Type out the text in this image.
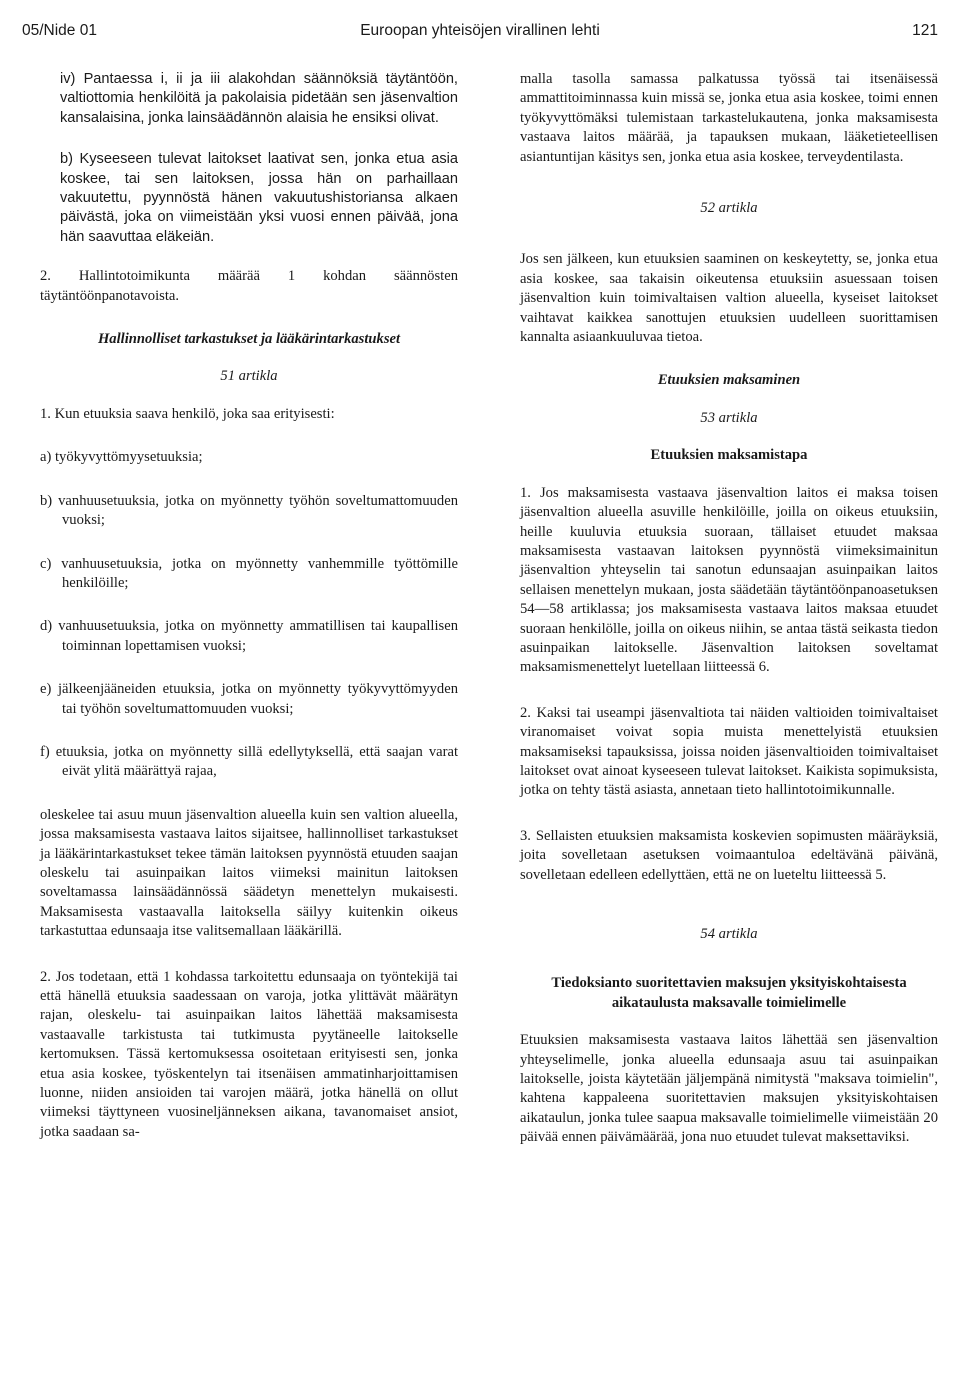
05/Nide 01	Euroopan yhteisöjen virallinen lehti	121

iv) Pantaessa i, ii ja iii alakohdan säännöksiä täytäntöön, valtiottomia henkilöitä ja pakolaisia pidetään sen jäsenvaltion kansalaisina, jonka lainsäädännön alaisia he ensiksi olivat.

b) Kyseeseen tulevat laitokset laativat sen, jonka etua asia koskee, tai sen laitoksen, jossa hän on parhaillaan vakuutettu, pyynnöstä hänen vakuutushistoriansa alkaen päivästä, joka on viimeistään yksi vuosi ennen päivää, jona hän saavuttaa eläkeiän.

2. Hallintotoimikunta määrää 1 kohdan säännösten täytäntöönpanotavoista.

Hallinnolliset tarkastukset ja lääkärintarkastukset
51 artikla

1. Kun etuuksia saava henkilö, joka saa erityisesti:

a) työkyvyttömyysetuuksia;

b) vanhuusetuuksia, jotka on myönnetty työhön soveltumattomuuden vuoksi;

c) vanhuusetuuksia, jotka on myönnetty vanhemmille työttömille henkilöille;

d) vanhuusetuuksia, jotka on myönnetty ammatillisen tai kaupallisen toiminnan lopettamisen vuoksi;

e) jälkeenjääneiden etuuksia, jotka on myönnetty työkyvyttömyyden tai työhön soveltumattomuuden vuoksi;

f) etuuksia, jotka on myönnetty sillä edellytyksellä, että saajan varat eivät ylitä määrättyä rajaa,

oleskelee tai asuu muun jäsenvaltion alueella kuin sen valtion alueella, jossa maksamisesta vastaava laitos sijaitsee, hallinnolliset tarkastukset ja lääkärintarkastukset tekee tämän laitoksen pyynnöstä etuuden saajan oleskelu tai asuinpaikan laitos viimeksi mainitun laitoksen soveltamassa lainsäädännössä säädetyn menettelyn mukaisesti. Maksamisesta vastaavalla laitoksella säilyy kuitenkin oikeus tarkastuttaa edunsaaja itse valitsemallaan lääkärillä.

2. Jos todetaan, että 1 kohdassa tarkoitettu edunsaaja on työntekijä tai että hänellä etuuksia saadessaan on varoja, jotka ylittävät määrätyn rajan, oleskelu- tai asuinpaikan laitos lähettää maksamisesta vastaavalle tarkistusta tai tutkimusta pyytäneelle laitokselle kertomuksen. Tässä kertomuksessa osoitetaan erityisesti sen, jonka etua asia koskee, työskentelyn tai itsenäisen ammatinharjoittamisen luonne, niiden ansioiden tai varojen määrä, jotka hänellä on ollut viimeksi täyttyneen vuosineljänneksen aikana, tavanomaiset ansiot, jotka saadaan sa-

malla tasolla samassa palkatussa työssä tai itsenäisessä ammattitoiminnassa kuin missä se, jonka etua asia koskee, toimi ennen työkyvyttömäksi tulemistaan tarkastelukautena, jonka maksamisesta vastaava laitos määrää, ja tapauksen mukaan, lääketieteellisen asiantuntijan käsitys sen, jonka etua asia koskee, terveydentilasta.

52 artikla

Jos sen jälkeen, kun etuuksien saaminen on keskeytetty, se, jonka etua asia koskee, saa takaisin oikeutensa etuuksiin asuessaan toisen jäsenvaltion kuin toimivaltaisen valtion alueella, kyseiset laitokset vaihtavat kaikkea sanottujen etuuksien uudelleen suorittamisen kannalta asiaankuuluvaa tietoa.

Etuuksien maksaminen
53 artikla
Etuuksien maksamistapa

1. Jos maksamisesta vastaava jäsenvaltion laitos ei maksa toisen jäsenvaltion alueella asuville henkilöille, joilla on oikeus etuuksiin, heille kuuluvia etuuksia suoraan, tällaiset etuudet maksaa maksamisesta vastaavan laitoksen pyynnöstä viimeksimainitun jäsenvaltion yhteyselin tai sanotun edunsaajan asuinpaikan laitos sellaisen menettelyn mukaan, josta säädetään täytäntöönpanoasetuksen 54—58 artiklassa; jos maksamisesta vastaava laitos maksaa etuudet suoraan henkilölle, joilla on oikeus niihin, se antaa tästä seikasta tiedon asuinpaikan laitokselle. Jäsenvaltion laitoksen soveltamat maksamismenettelyt luetellaan liitteessä 6.

2. Kaksi tai useampi jäsenvaltiota tai näiden valtioiden toimivaltaiset viranomaiset voivat sopia muista menettelyistä etuuksien maksamiseksi tapauksissa, joissa noiden jäsenvaltioiden toimivaltaiset laitokset ovat ainoat kyseeseen tulevat laitokset. Kaikista sopimuksista, jotka on tehty tästä asiasta, annetaan tieto hallintotoimikunnalle.

3. Sellaisten etuuksien maksamista koskevien sopimusten määräyksiä, joita sovelletaan asetuksen voimaantuloa edeltävänä päivänä, sovelletaan edelleen edellyttäen, että ne on lueteltu liitteessä 5.

54 artikla
Tiedoksianto suoritettavien maksujen yksityiskohtaisesta aikataulusta maksavalle toimielimelle

Etuuksien maksamisesta vastaava laitos lähettää sen jäsenvaltion yhteyselimelle, jonka alueella edunsaaja asuu tai asuinpaikan laitokselle, joista käytetään jäljempänä nimitystä "maksava toimielin", kahtena kappaleena suoritettavien maksujen yksityiskohtaisen aikataulun, jonka tulee saapua maksavalle toimielimelle viimeistään 20 päivää ennen päivämäärää, jona nuo etuudet tulevat maksettaviksi.
